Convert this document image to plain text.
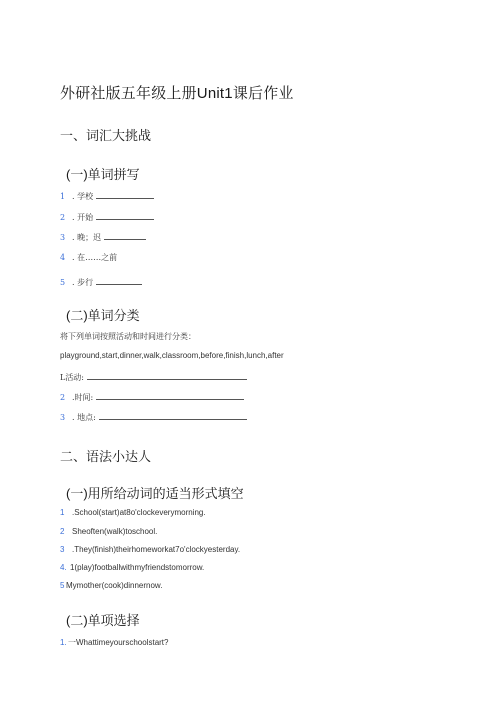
外研社版五年级上册Unit1课后作业
一、词汇大挑战
(一)单词拼写
1 . 学校
2 . 开始
3 . 晚；迟
4 . 在……之前
5 . 步行
(二)单词分类
将下列单词按照活动和时间进行分类：
playground,start,dinner,walk,classroom,before,finish,lunch,after
L活动:
2 .时间:
3 . 地点:
二、语法小达人
(一)用所给动词的适当形式填空
1 .School(start)at8o'clockeverymorning.
2 Sheoften(walk)toschool.
3 .They(finish)theirhomeworkat7o'clockyesterday.
4. 1(play)footballwithmyfriendstomorrow.
5 Mymother(cook)dinnernow.
(二)单项选择
1. 一Whattimeyourschoolstart?
